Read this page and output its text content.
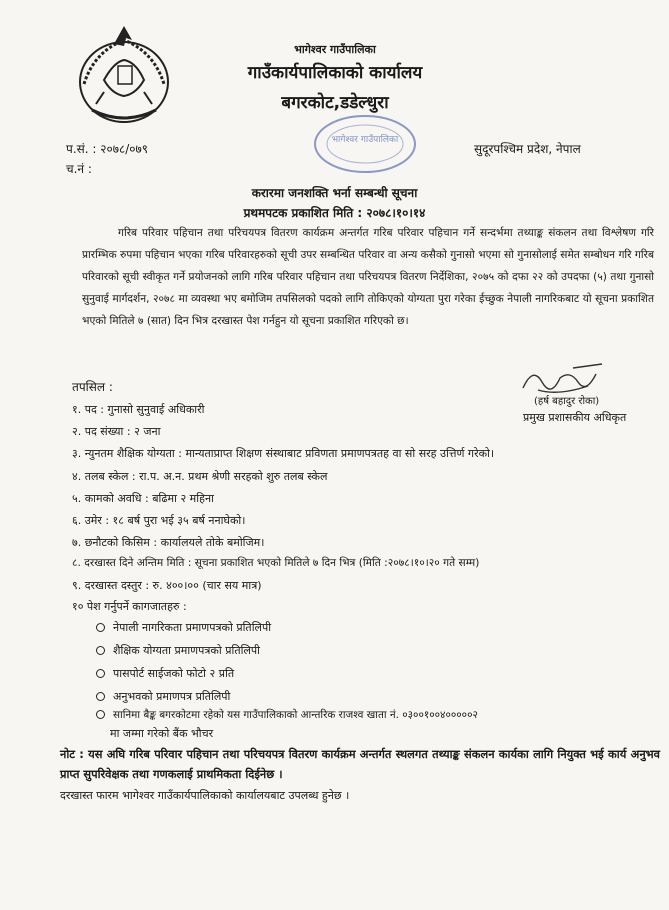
भागेश्वर गाउँपालिका
गाउँकार्यपालिकाको कार्यालय
बगरकोट,डडेल्धुरा
भागेश्वर गाउँपालिका
प.सं. : २०७८/०७९
च.नं :
सुदूरपश्चिम प्रदेश, नेपाल
करारमा जनशक्ति भर्ना सम्बन्धी सूचना
प्रथमपटक प्रकाशित मिति : २०७८।१०।१४
गरिब परिवार पहिचान तथा परिचयपत्र वितरण कार्यक्रम अन्तर्गत गरिब परिवार पहिचान गर्ने सन्दर्भमा तथ्याङ्क संकलन तथा विश्लेषण गरि प्रारम्भिक रुपमा पहिचान भएका गरिब परिवारहरुको सूची उपर सम्बन्धित परिवार वा अन्य कसैको गुनासो भएमा सो गुनासोलाई समेत सम्बोधन गरि गरिब परिवारको सूची स्वीकृत गर्ने प्रयोजनको लागि गरिब परिवार पहिचान तथा परिचयपत्र वितरण निर्देशिका, २०७५ को दफा २२ को उपदफा (५) तथा गुनासो सुनुवाई मार्गदर्शन, २०७८ मा व्यवस्था भए बमोजिम तपसिलको पदको लागि तोकिएको योग्यता पुरा गरेका ईच्छुक नेपाली नागरिकबाट यो सूचना प्रकाशित भएको मितिले ७ (सात) दिन भित्र दरखास्त पेश गर्नहुन यो सूचना प्रकाशित गरिएको छ।
(हर्ष बहादुर रोका)
प्रमुख प्रशासकीय अधिकृत
तपसिल :
१. पद : गुनासो सुनुवाई अधिकारी
२. पद संख्या : २ जना
३. न्युनतम शैक्षिक योग्यता : मान्यताप्राप्त शिक्षण संस्थाबाट प्रविणता प्रमाणपत्रतह वा सो सरह उत्तिर्ण गरेको।
४. तलब स्केल : रा.प. अ.न. प्रथम श्रेणी सरहको शुरु तलब स्केल
५. कामको अवधि : बढिमा २ महिना
६. उमेर : १८ बर्ष पुरा भई ३५ बर्ष ननाघेको।
७. छनौटको किसिम : कार्यालयले तोके बमोजिम।
८. दरखास्त दिने अन्तिम मिति : सूचना प्रकाशित भएको मितिले ७ दिन भित्र (मिति :२०७८।१०।२० गते सम्म)
९. दरखास्त दस्तुर : रु. ४००।०० (चार सय मात्र)
१० पेश गर्नुपर्ने कागजातहरु :
नेपाली नागरिकता प्रमाणपत्रको प्रतिलिपी
शैक्षिक योग्यता प्रमाणपत्रको प्रतिलिपी
पासपोर्ट साईजको फोटो २ प्रति
अनुभवको प्रमाणपत्र प्रतिलिपी
सानिमा बैङ्क बगरकोटमा रहेको यस गाउँपालिकाको आन्तरिक राजश्व खाता नं. ०३००१००४०००००२
मा जम्मा गरेको बैंक भौचर
नोट : यस अघि गरिब परिवार पहिचान तथा परिचयपत्र वितरण कार्यक्रम अन्तर्गत स्थलगत तथ्याङ्क संकलन कार्यका लागि नियुक्त भई कार्य अनुभव प्राप्त सुपरिवेक्षक तथा गणकलाई प्राथमिकता दिईनेछ ।
दरखास्त फारम भागेश्वर गाउँकार्यपालिकाको कार्यालयबाट उपलब्ध हुनेछ ।
